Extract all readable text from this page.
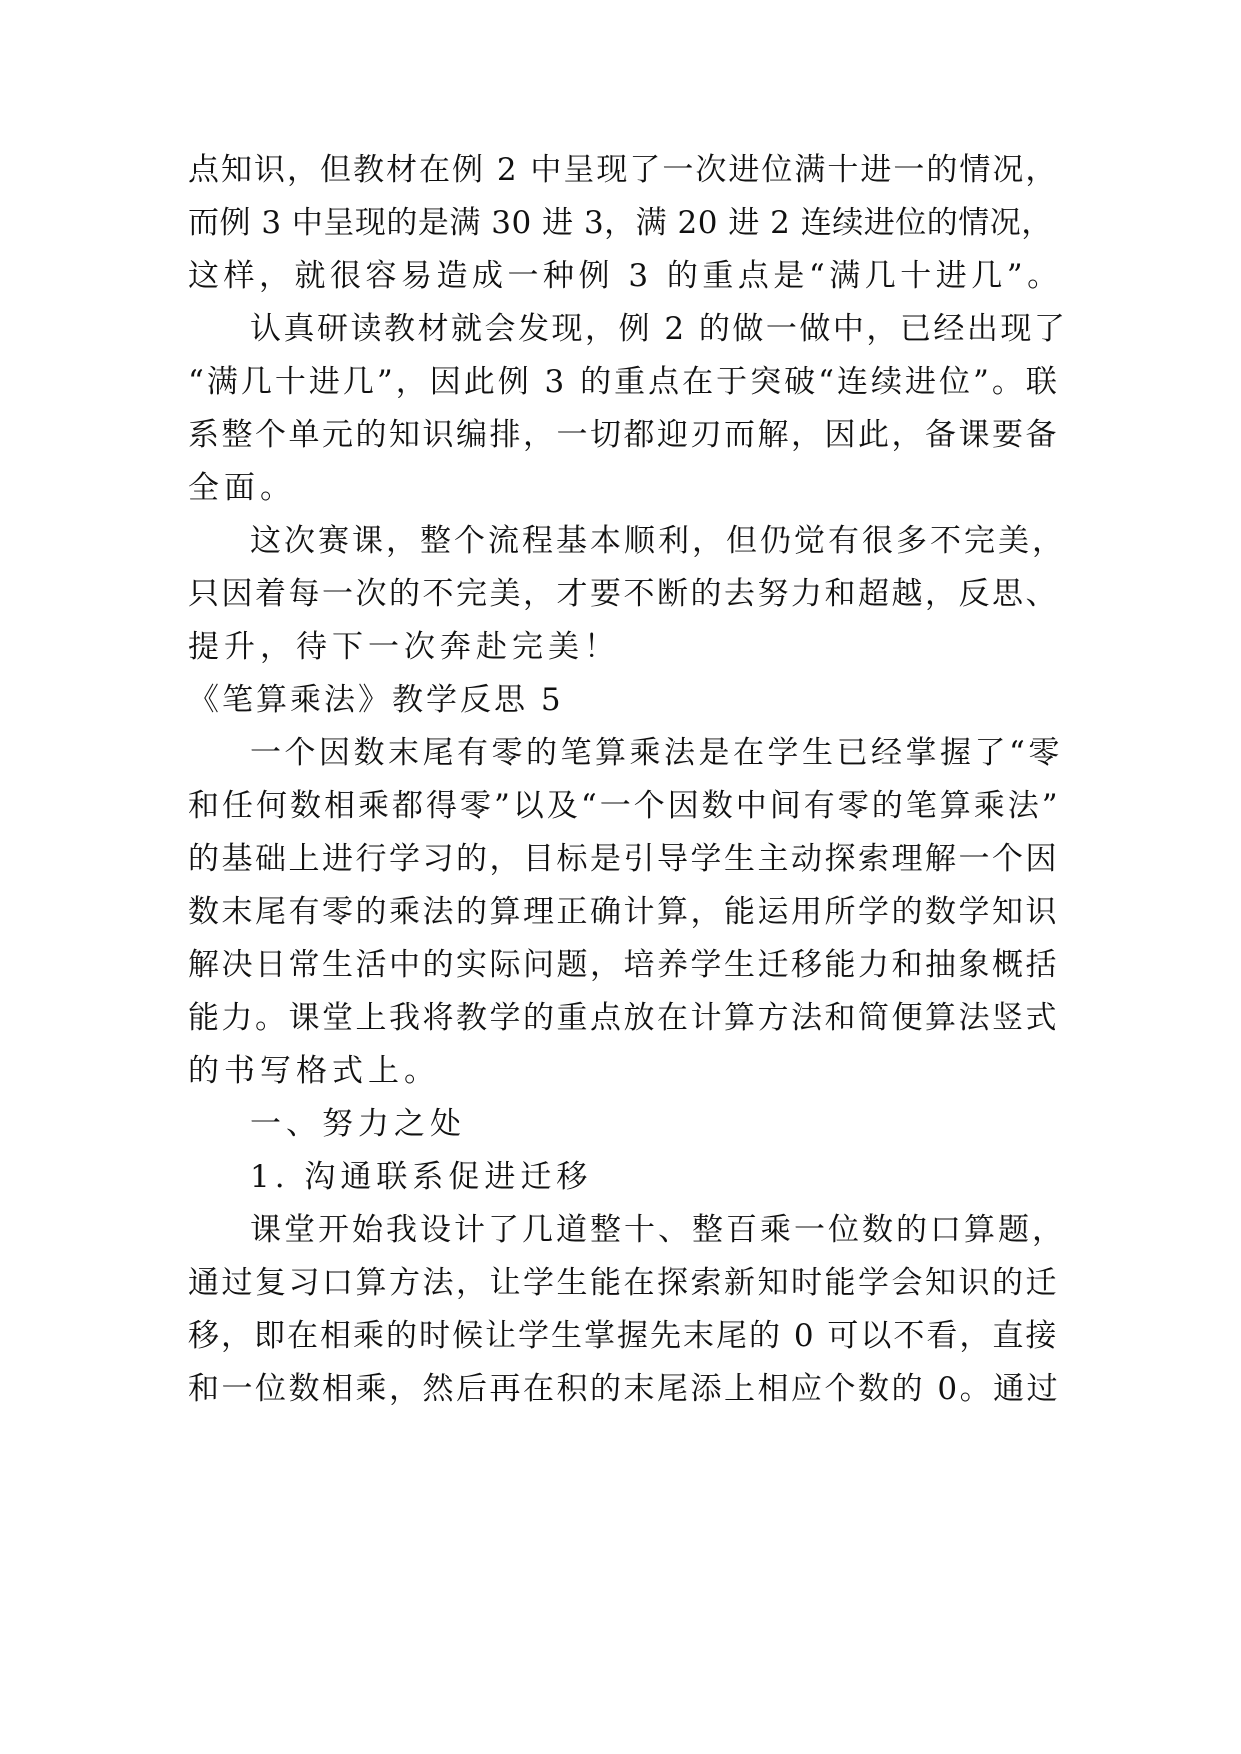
点知识，但教材在例 2 中呈现了一次进位满十进一的情况，
而例 3 中呈现的是满 30 进 3，满 20 进 2 连续进位的情况，
这样，就很容易造成一种例 3 的重点是“满几十进几”。
认真研读教材就会发现，例 2 的做一做中，已经出现了
“满几十进几”，因此例 3 的重点在于突破“连续进位”。联
系整个单元的知识编排，一切都迎刃而解，因此，备课要备
全面。
这次赛课，整个流程基本顺利，但仍觉有很多不完美，
只因着每一次的不完美，才要不断的去努力和超越，反思、
提升，待下一次奔赴完美！
《笔算乘法》教学反思 5
一个因数末尾有零的笔算乘法是在学生已经掌握了“零
和任何数相乘都得零”以及“一个因数中间有零的笔算乘法”
的基础上进行学习的，目标是引导学生主动探索理解一个因
数末尾有零的乘法的算理正确计算，能运用所学的数学知识
解决日常生活中的实际问题，培养学生迁移能力和抽象概括
能力。课堂上我将教学的重点放在计算方法和简便算法竖式
的书写格式上。
一、努力之处
1. 沟通联系促进迁移
课堂开始我设计了几道整十、整百乘一位数的口算题，
通过复习口算方法，让学生能在探索新知时能学会知识的迁
移，即在相乘的时候让学生掌握先末尾的 0 可以不看，直接
和一位数相乘，然后再在积的末尾添上相应个数的 0。通过
